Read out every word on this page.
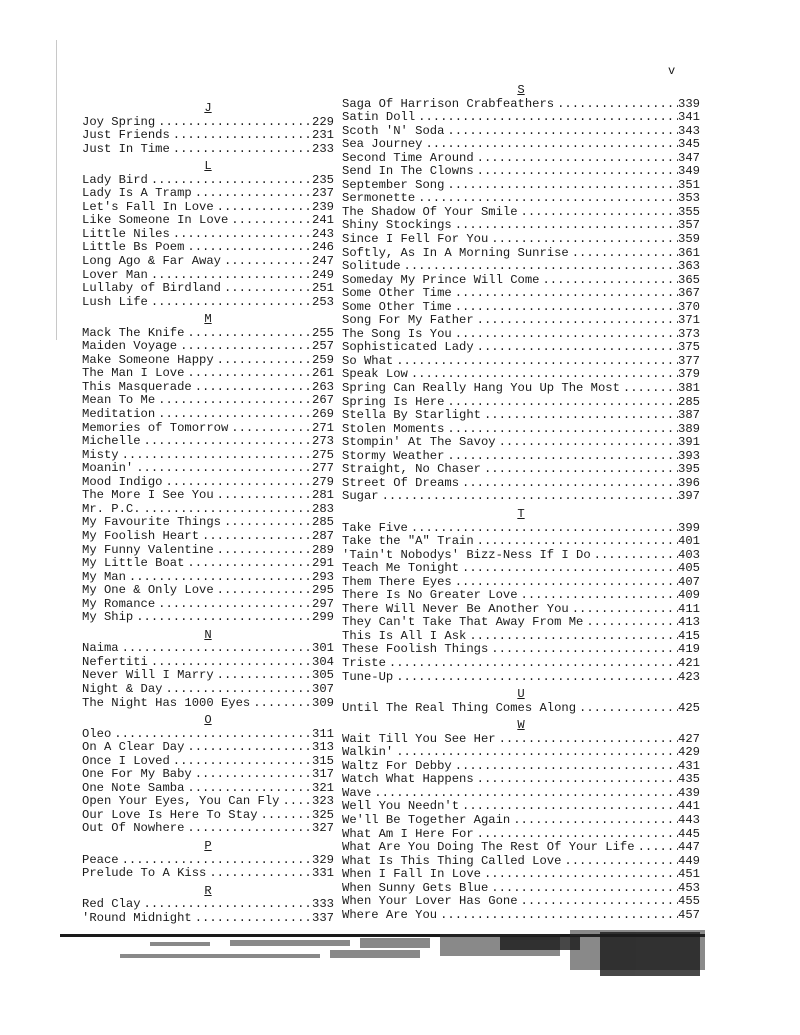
v
J
Joy Spring .....	229
Just Friends .....	231
Just In Time .....	233
L
Lady Bird .....	235
Lady Is A Tramp .....	237
Let's Fall In Love .....	239
Like Someone In Love .....	241
Little Niles .....	243
Little Bs Poem .....	246
Long Ago & Far Away .....	247
Lover Man .....	249
Lullaby of Birdland .....	251
Lush Life .....	253
M
Mack The Knife .....	255
Maiden Voyage .....	257
Make Someone Happy .....	259
The Man I Love .....	261
This Masquerade .....	263
Mean To Me .....	267
Meditation .....	269
Memories of Tomorrow .....	271
Michelle .....	273
Misty .....	275
Moanin' .....	277
Mood Indigo .....	279
The More I See You .....	281
Mr. P.C. .....	283
My Favourite Things .....	285
My Foolish Heart .....	287
My Funny Valentine .....	289
My Little Boat .....	291
My Man .....	293
My One & Only Love .....	295
My Romance .....	297
My Ship .....	299
N
Naima .....	301
Nefertiti .....	304
Never Will I Marry .....	305
Night & Day .....	307
The Night Has 1000 Eyes .....	309
O
Oleo .....	311
On A Clear Day .....	313
Once I Loved .....	315
One For My Baby .....	317
One Note Samba .....	321
Open Your Eyes, You Can Fly .....	323
Our Love Is Here To Stay .....	325
Out Of Nowhere .....	327
P
Peace .....	329
Prelude To A Kiss .....	331
R
Red Clay .....	333
'Round Midnight .....	337
S
Saga Of Harrison Crabfeathers .....	339
Satin Doll .....	341
Scoth 'N' Soda .....	343
Sea Journey .....	345
Second Time Around .....	347
Send In The Clowns .....	349
September Song .....	351
Sermonette .....	353
The Shadow Of Your Smile .....	355
Shiny Stockings .....	357
Since I Fell For You .....	359
Softly, As In A Morning Sunrise .....	361
Solitude .....	363
Someday My Prince Will Come .....	365
Some Other Time .....	367
Some Other Time .....	370
Song For My Father .....	371
The Song Is You .....	373
Sophisticated Lady .....	375
So What .....	377
Speak Low .....	379
Spring Can Really Hang You Up The Most .....	381
Spring Is Here .....	285
Stella By Starlight .....	387
Stolen Moments .....	389
Stompin' At The Savoy .....	391
Stormy Weather .....	393
Straight, No Chaser .....	395
Street Of Dreams .....	396
Sugar .....	397
T
Take Five .....	399
Take the "A" Train .....	401
'Tain't Nobodys' Bizz-Ness If I Do .....	403
Teach Me Tonight .....	405
Them There Eyes .....	407
There Is No Greater Love .....	409
There Will Never Be Another You .....	411
They Can't Take That Away From Me .....	413
This Is All I Ask .....	415
These Foolish Things .....	419
Triste .....	421
Tune-Up .....	423
U
Until The Real Thing Comes Along .....	425
W
Wait Till You See Her .....	427
Walkin' .....	429
Waltz For Debby .....	431
Watch What Happens .....	435
Wave .....	439
Well You Needn't .....	441
We'll Be Together Again .....	443
What Am I Here For .....	445
What Are You Doing The Rest Of Your Life .....	447
What Is This Thing Called Love .....	449
When I Fall In Love .....	451
When Sunny Gets Blue .....	453
When Your Lover Has Gone .....	455
Where Are You .....	457
